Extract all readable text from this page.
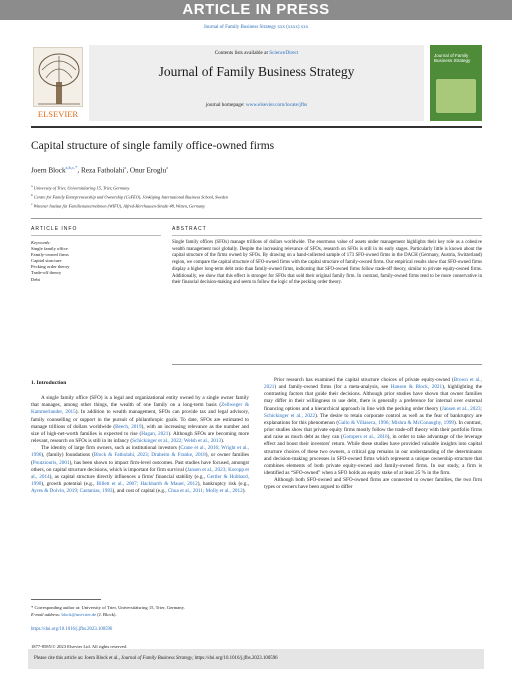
ARTICLE IN PRESS
Journal of Family Business Strategy xxx (xxxx) xxx
ELSEVIER
Contents lists available at ScienceDirect
Journal of Family Business Strategy
journal homepage: www.elsevier.com/locate/jfbs
Journal of Family Business Strategy
Capital structure of single family office-owned firms
Joern Block$^{a,b,c,*}$, Reza Fatholahi$^a$, Onur Eroglu$^a$
$^a$ University of Trier, Universitätsring 15, Trier, Germany
$^b$ Centre for Family Entrepreneurship and Ownership (CeFEO), Jönköping International Business School, Sweden
$^c$ Wittener Institut für Familienunternehmen (WIFU), Alfred-Herrhausen-Straße 48, Witten, Germany
ARTICLE INFO	ABSTRACT
Keywords:
Single family office
Family-owned firms
Capital structure
Pecking order theory
Trade-off theory
Debt
Single family offices (SFOs) manage trillions of dollars worldwide. The enormous value of assets under management highlights their key role as a cohesive wealth management tool globally. Despite the increasing relevance of SFOs, research on SFOs is still in its early stages. Particularly little is known about the capital structure of the firms owned by SFOs. By drawing on a hand-collected sample of 173 SFO-owned firms in the DACH (Germany, Austria, Switzerland) region, we compare the capital structure of SFO-owned firms with the capital structure of family-owned firms. Our empirical results show that SFO-owned firms display a higher long-term debt ratio than family-owned firms, indicating that SFO-owned firms follow trade-off theory, similar to private equity-owned firms. Additionally, we show that this effect is stronger for SFOs that sold their original family firm. In contrast, family-owned firms tend to be more conservative in their financial decision-making and seem to follow the logic of the pecking order theory.
1. Introduction

A single family office (SFO) is a legal and organizational entity owned by a single owner family that manages, among other things, the wealth of one family on a long-term basis (Zellweger & Kammerlander, 2015). In addition to wealth management, SFOs can provide tax and legal advisory, family counselling or support in the pursuit of philanthropic goals. To date, SFOs are estimated to manage trillions of dollars worldwide (Beech, 2019), with an increasing relevance as the number and size of high-net-worth families is expected to rise (Hagan, 2021). Although SFOs are becoming more relevant, research on SFOs is still in its infancy (Schickinger et al., 2022; Welsh et al., 2013).

The identity of large firm owners, such as institutional investors (Crane et al., 2016; Wright et al., 1996), (family) foundations (Block & Fatholahi, 2023; Draheim & Franke, 2018), or owner families (Poutziouris, 2001), has been shown to impact firm-level outcomes. Past studies have focused, amongst others, on capital structure decisions, which is important for firm survival (Jansen et al., 2023; Koropp et al., 2014), as capital structure directly influences a firms' financial stability (e.g., Gertler & Hubbard, 1990), growth potential (e.g., Billett et al., 2007; Hackbarth & Mauer, 2012), bankruptcy risk (e.g., Ayres & Dolvin, 2019; Castanias, 1983), and cost of capital (e.g., Chua et al., 2011; Molly et al., 2012).

Prior research has examined the capital structure choices of private equity-owned (Brown et al., 2021) and family-owned firms (for a meta-analysis, see Hansen & Block, 2021), highlighting the contrasting factors that guide their decisions. Although prior studies have shown that owner families may differ in their willingness to use debt, there is generally a preference for internal over external financing options and a hierarchical approach in line with the pecking order theory (Jansen et al., 2023; Schickinger et al., 2022). The desire to retain corporate control as well as the fear of bankruptcy are explanations for this phenomenon (Gallo & Villaseca, 1996; Mishra & McConaughy, 1999). In contrast, prior studies show that private equity firms mostly follow the trade-off theory with their portfolio firms and raise as much debt as they can (Gompers et al., 2016), in order to take advantage of the leverage effect and boost their investors' return. While these studies have provided valuable insights into capital structure choices of these two owners, a critical gap remains in our understanding of the determinants and decision-making processes in SFO-owned firms which represent a unique ownership structure that combines elements of both private equity-owned and family-owned firms. In our study, a firm is identified as “SFO-owned” when a SFO holds an equity stake of at least 25 % in the firm.

Although both SFO-owned and SFO-owned firms are connected to owner families, the two firm types or owners have been argued to differ

* Corresponding author at: University of Trier, Universitätsring 15, Trier, Germany.
E-mail address: block@uni-trier.de (J. Block).
https://doi.org/10.1016/j.jfbs.2023.100596
1877-8585/© 2023 Elsevier Ltd. All rights reserved.
Please cite this article as: Joern Block et al., Journal of Family Business Strategy, https://doi.org/10.1016/j.jfbs.2023.100596
